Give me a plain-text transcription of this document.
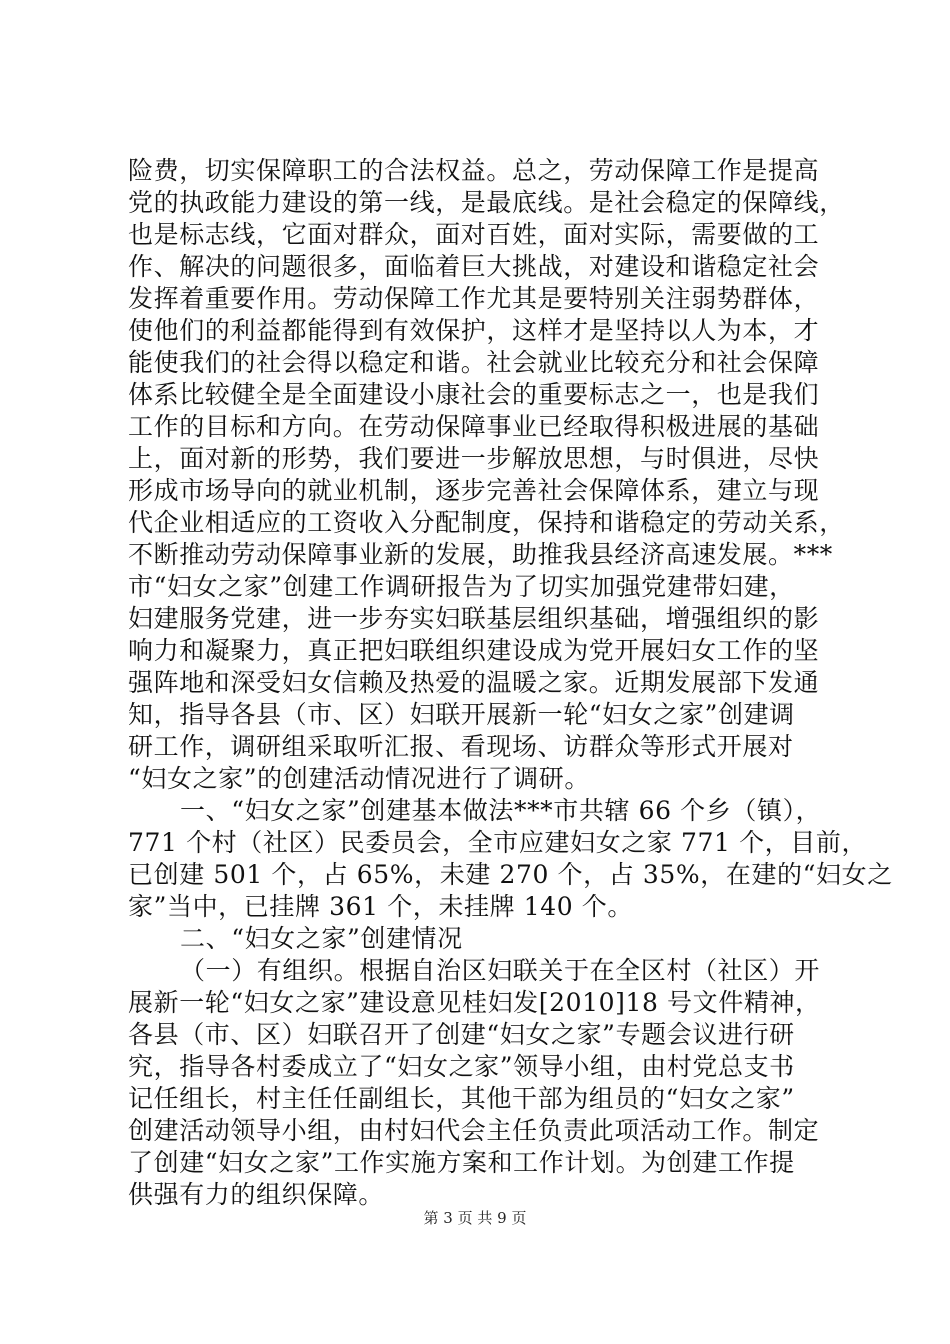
险费，切实保障职工的合法权益。总之，劳动保障工作是提高
党的执政能力建设的第一线，是最底线。是社会稳定的保障线，
也是标志线，它面对群众，面对百姓，面对实际，需要做的工
作、解决的问题很多，面临着巨大挑战，对建设和谐稳定社会
发挥着重要作用。劳动保障工作尤其是要特别关注弱势群体，
使他们的利益都能得到有效保护，这样才是坚持以人为本，才
能使我们的社会得以稳定和谐。社会就业比较充分和社会保障
体系比较健全是全面建设小康社会的重要标志之一，也是我们
工作的目标和方向。在劳动保障事业已经取得积极进展的基础
上，面对新的形势，我们要进一步解放思想，与时俱进，尽快
形成市场导向的就业机制，逐步完善社会保障体系，建立与现
代企业相适应的工资收入分配制度，保持和谐稳定的劳动关系，
不断推动劳动保障事业新的发展，助推我县经济高速发展。***
市“妇女之家”创建工作调研报告为了切实加强党建带妇建，
妇建服务党建，进一步夯实妇联基层组织基础，增强组织的影
响力和凝聚力，真正把妇联组织建设成为党开展妇女工作的坚
强阵地和深受妇女信赖及热爱的温暖之家。近期发展部下发通
知，指导各县（市、区）妇联开展新一轮“妇女之家”创建调
研工作，调研组采取听汇报、看现场、访群众等形式开展对
“妇女之家”的创建活动情况进行了调研。
一、“妇女之家”创建基本做法***市共辖 66 个乡（镇），
771 个村（社区）民委员会，全市应建妇女之家 771 个，目前，
已创建 501 个，占 65%，未建 270 个，占 35%，在建的“妇女之
家”当中，已挂牌 361 个，未挂牌 140 个。
二、“妇女之家”创建情况
（一）有组织。根据自治区妇联关于在全区村（社区）开
展新一轮“妇女之家”建设意见桂妇发[2010]18 号文件精神，
各县（市、区）妇联召开了创建“妇女之家”专题会议进行研
究，指导各村委成立了“妇女之家”领导小组，由村党总支书
记任组长，村主任任副组长，其他干部为组员的“妇女之家”
创建活动领导小组，由村妇代会主任负责此项活动工作。制定
了创建“妇女之家”工作实施方案和工作计划。为创建工作提
供强有力的组织保障。
第 3 页 共 9 页
